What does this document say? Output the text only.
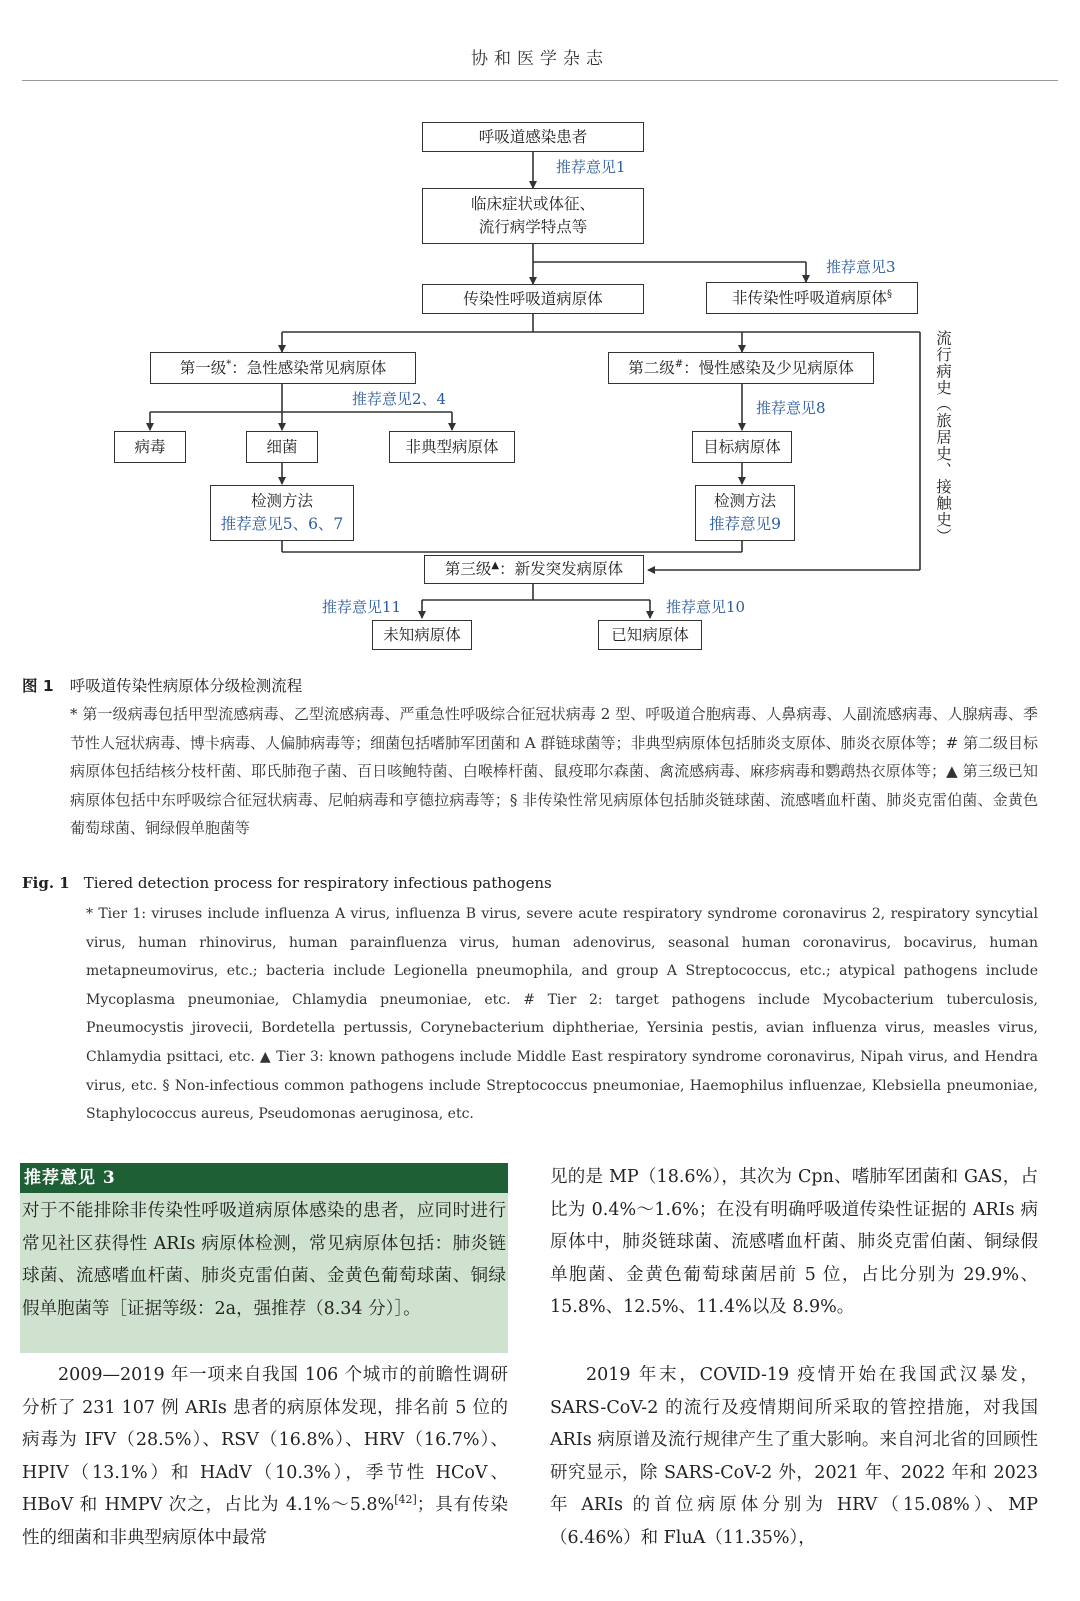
协和医学杂志
呼吸道感染患者
推荐意见1
临床症状或体征、
流行病学特点等
推荐意见3
传染性呼吸道病原体	非传染性呼吸道病原体§
第一级*：急性感染常见病原体	第二级#：慢性感染及少见病原体
推荐意见2、4	推荐意见8
病毒	细菌	非典型病原体	目标病原体
检测方法
推荐意见5、6、7
检测方法
推荐意见9	流行病史（旅居史、接触史）
第三级▲：新发突发病原体
推荐意见11	推荐意见10
未知病原体	已知病原体
图 1 呼吸道传染性病原体分级检测流程
* 第一级病毒包括甲型流感病毒、乙型流感病毒、严重急性呼吸综合征冠状病毒 2 型、呼吸道合胞病毒、人鼻病毒、人副流感病毒、人腺病毒、季节性人冠状病毒、博卡病毒、人偏肺病毒等；细菌包括嗜肺军团菌和 A 群链球菌等；非典型病原体包括肺炎支原体、肺炎衣原体等；# 第二级目标病原体包括结核分枝杆菌、耶氏肺孢子菌、百日咳鲍特菌、白喉棒杆菌、鼠疫耶尔森菌、禽流感病毒、麻疹病毒和鹦鹉热衣原体等；▲ 第三级已知病原体包括中东呼吸综合征冠状病毒、尼帕病毒和亨德拉病毒等；§ 非传染性常见病原体包括肺炎链球菌、流感嗜血杆菌、肺炎克雷伯菌、金黄色葡萄球菌、铜绿假单胞菌等
Fig. 1 Tiered detection process for respiratory infectious pathogens
* Tier 1: viruses include influenza A virus, influenza B virus, severe acute respiratory syndrome coronavirus 2, respiratory syncytial virus, human rhinovirus, human parainfluenza virus, human adenovirus, seasonal human coronavirus, bocavirus, human metapneumovirus, etc.; bacteria include Legionella pneumophila, and group A Streptococcus, etc.; atypical pathogens include Mycoplasma pneumoniae, Chlamydia pneumoniae, etc. # Tier 2: target pathogens include Mycobacterium tuberculosis, Pneumocystis jirovecii, Bordetella pertussis, Corynebacterium diphtheriae, Yersinia pestis, avian influenza virus, measles virus, Chlamydia psittaci, etc. ▲ Tier 3: known pathogens include Middle East respiratory syndrome coronavirus, Nipah virus, and Hendra virus, etc. § Non-infectious common pathogens include Streptococcus pneumoniae, Haemophilus influenzae, Klebsiella pneumoniae, Staphylococcus aureus, Pseudomonas aeruginosa, etc.
推荐意见 3
对于不能排除非传染性呼吸道病原体感染的患者，应同时进行常见社区获得性 ARIs 病原体检测，常见病原体包括：肺炎链球菌、流感嗜血杆菌、肺炎克雷伯菌、金黄色葡萄球菌、铜绿假单胞菌等［证据等级：2a，强推荐（8.34 分）］。
2009—2019 年一项来自我国 106 个城市的前瞻性调研分析了 231 107 例 ARIs 患者的病原体发现，排名前 5 位的病毒为 IFV（28.5%）、RSV（16.8%）、HRV（16.7%）、HPIV（13.1%）和 HAdV（10.3%），季节性 HCoV、HBoV 和 HMPV 次之，占比为 4.1%～5.8%[42]；具有传染性的细菌和非典型病原体中最常
见的是 MP（18.6%），其次为 Cpn、嗜肺军团菌和 GAS，占比为 0.4%～1.6%；在没有明确呼吸道传染性证据的 ARIs 病原体中，肺炎链球菌、流感嗜血杆菌、肺炎克雷伯菌、铜绿假单胞菌、金黄色葡萄球菌居前 5 位，占比分别为 29.9%、15.8%、12.5%、11.4%以及 8.9%。
2019 年末，COVID-19 疫情开始在我国武汉暴发，SARS-CoV-2 的流行及疫情期间所采取的管控措施，对我国 ARIs 病原谱及流行规律产生了重大影响。来自河北省的回顾性研究显示，除 SARS-CoV-2 外，2021 年、2022 年和 2023 年 ARIs 的首位病原体分别为 HRV（15.08%）、MP（6.46%）和 FluA（11.35%），
